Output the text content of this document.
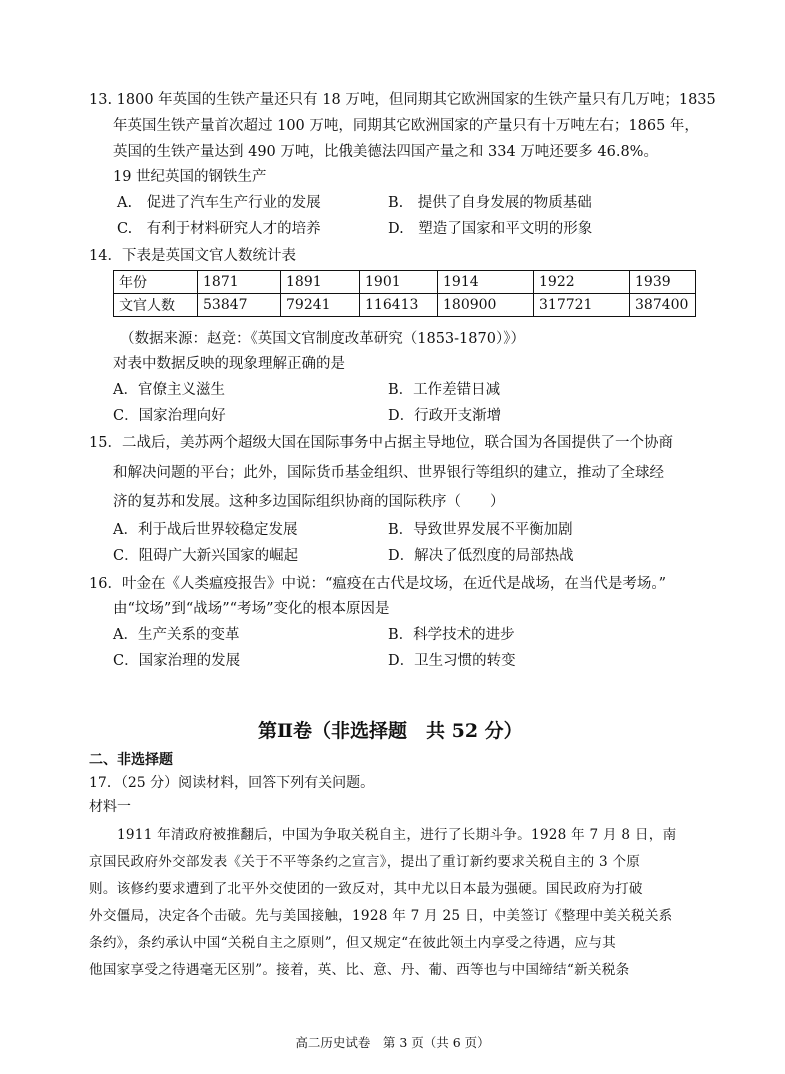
13. 1800 年英国的生铁产量还只有 18 万吨，但同期其它欧洲国家的生铁产量只有几万吨；1835
年英国生铁产量首次超过 100 万吨，同期其它欧洲国家的产量只有十万吨左右；1865 年，
英国的生铁产量达到 490 万吨，比俄美德法四国产量之和 334 万吨还要多 46.8%。
19 世纪英国的钢铁生产
A.　促进了汽车生产行业的发展	B.　提供了自身发展的物质基础
C.　有利于材料研究人才的培养	D.　塑造了国家和平文明的形象
14．下表是英国文官人数统计表
年份	1871	1891	1901	1914	1922	1939
文官人数	53847	79241	116413	180900	317721	387400
（数据来源：赵竞：《英国文官制度改革研究（1853-1870）》）
对表中数据反映的现象理解正确的是
A．官僚主义滋生	B．工作差错日减
C．国家治理向好	D．行政开支渐增
15．二战后，美苏两个超级大国在国际事务中占据主导地位，联合国为各国提供了一个协商
和解决问题的平台；此外，国际货币基金组织、世界银行等组织的建立，推动了全球经
济的复苏和发展。这种多边国际组织协商的国际秩序（　　）
A．利于战后世界较稳定发展	B．导致世界发展不平衡加剧
C．阻碍广大新兴国家的崛起	D．解决了低烈度的局部热战
16．叶金在《人类瘟疫报告》中说：“瘟疫在古代是坟场，在近代是战场，在当代是考场。”
由“坟场”到“战场”“考场”变化的根本原因是
A．生产关系的变革	B．科学技术的进步
C．国家治理的发展	D．卫生习惯的转变
第Ⅱ卷（非选择题　共 52 分）
二、非选择题
17．（25 分）阅读材料，回答下列有关问题。
材料一
1911 年清政府被推翻后，中国为争取关税自主，进行了长期斗争。1928 年 7 月 8 日，南
京国民政府外交部发表《关于不平等条约之宣言》，提出了重订新约要求关税自主的 3 个原
则。该修约要求遭到了北平外交使团的一致反对，其中尤以日本最为强硬。国民政府为打破
外交僵局，决定各个击破。先与美国接触，1928 年 7 月 25 日，中美签订《整理中美关税关系
条约》，条约承认中国“关税自主之原则”，但又规定“在彼此领土内享受之待遇，应与其
他国家享受之待遇毫无区别”。接着，英、比、意、丹、葡、西等也与中国缔结“新关税条
高二历史试卷　第 3 页（共 6 页）
